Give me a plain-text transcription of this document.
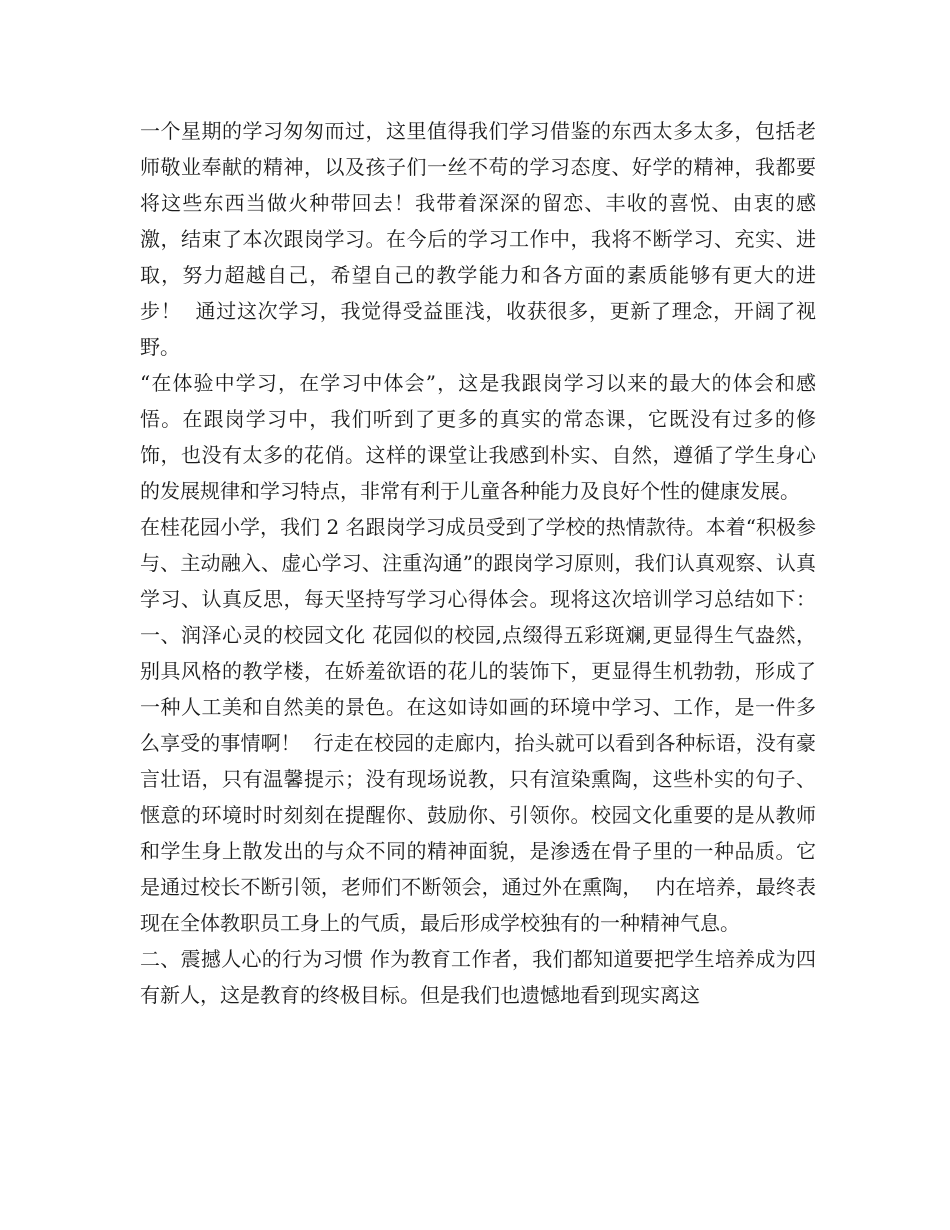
一个星期的学习匆匆而过，这里值得我们学习借鉴的东西太多太多，包括老师敬业奉献的精神，以及孩子们一丝不苟的学习态度、好学的精神，我都要将这些东西当做火种带回去！我带着深深的留恋、丰收的喜悦、由衷的感激，结束了本次跟岗学习。在今后的学习工作中，我将不断学习、充实、进取，努力超越自己，希望自己的教学能力和各方面的素质能够有更大的进步！  通过这次学习，我觉得受益匪浅，收获很多，更新了理念，开阔了视野。

“在体验中学习，在学习中体会”，这是我跟岗学习以来的最大的体会和感悟。在跟岗学习中，我们听到了更多的真实的常态课，它既没有过多的修饰，也没有太多的花俏。这样的课堂让我感到朴实、自然，遵循了学生身心的发展规律和学习特点，非常有利于儿童各种能力及良好个性的健康发展。

在桂花园小学，我们 2 名跟岗学习成员受到了学校的热情款待。本着“积极参与、主动融入、虚心学习、注重沟通”的跟岗学习原则，我们认真观察、认真学习、认真反思，每天坚持写学习心得体会。现将这次培训学习总结如下：  一、润泽心灵的校园文化 花园似的校园,点缀得五彩斑斓,更显得生气盎然，别具风格的教学楼，在娇羞欲语的花儿的装饰下，更显得生机勃勃，形成了一种人工美和自然美的景色。在这如诗如画的环境中学习、工作，是一件多么享受的事情啊！  行走在校园的走廊内，抬头就可以看到各种标语，没有豪言壮语，只有温馨提示；没有现场说教，只有渲染熏陶，这些朴实的句子、惬意的环境时时刻刻在提醒你、鼓励你、引领你。校园文化重要的是从教师和学生身上散发出的与众不同的精神面貌，是渗透在骨子里的一种品质。它是通过校长不断引领，老师们不断领会，通过外在熏陶，  内在培养，最终表现在全体教职员工身上的气质，最后形成学校独有的一种精神气息。

二、震撼人心的行为习惯 作为教育工作者，我们都知道要把学生培养成为四有新人，这是教育的终极目标。但是我们也遗憾地看到现实离这
